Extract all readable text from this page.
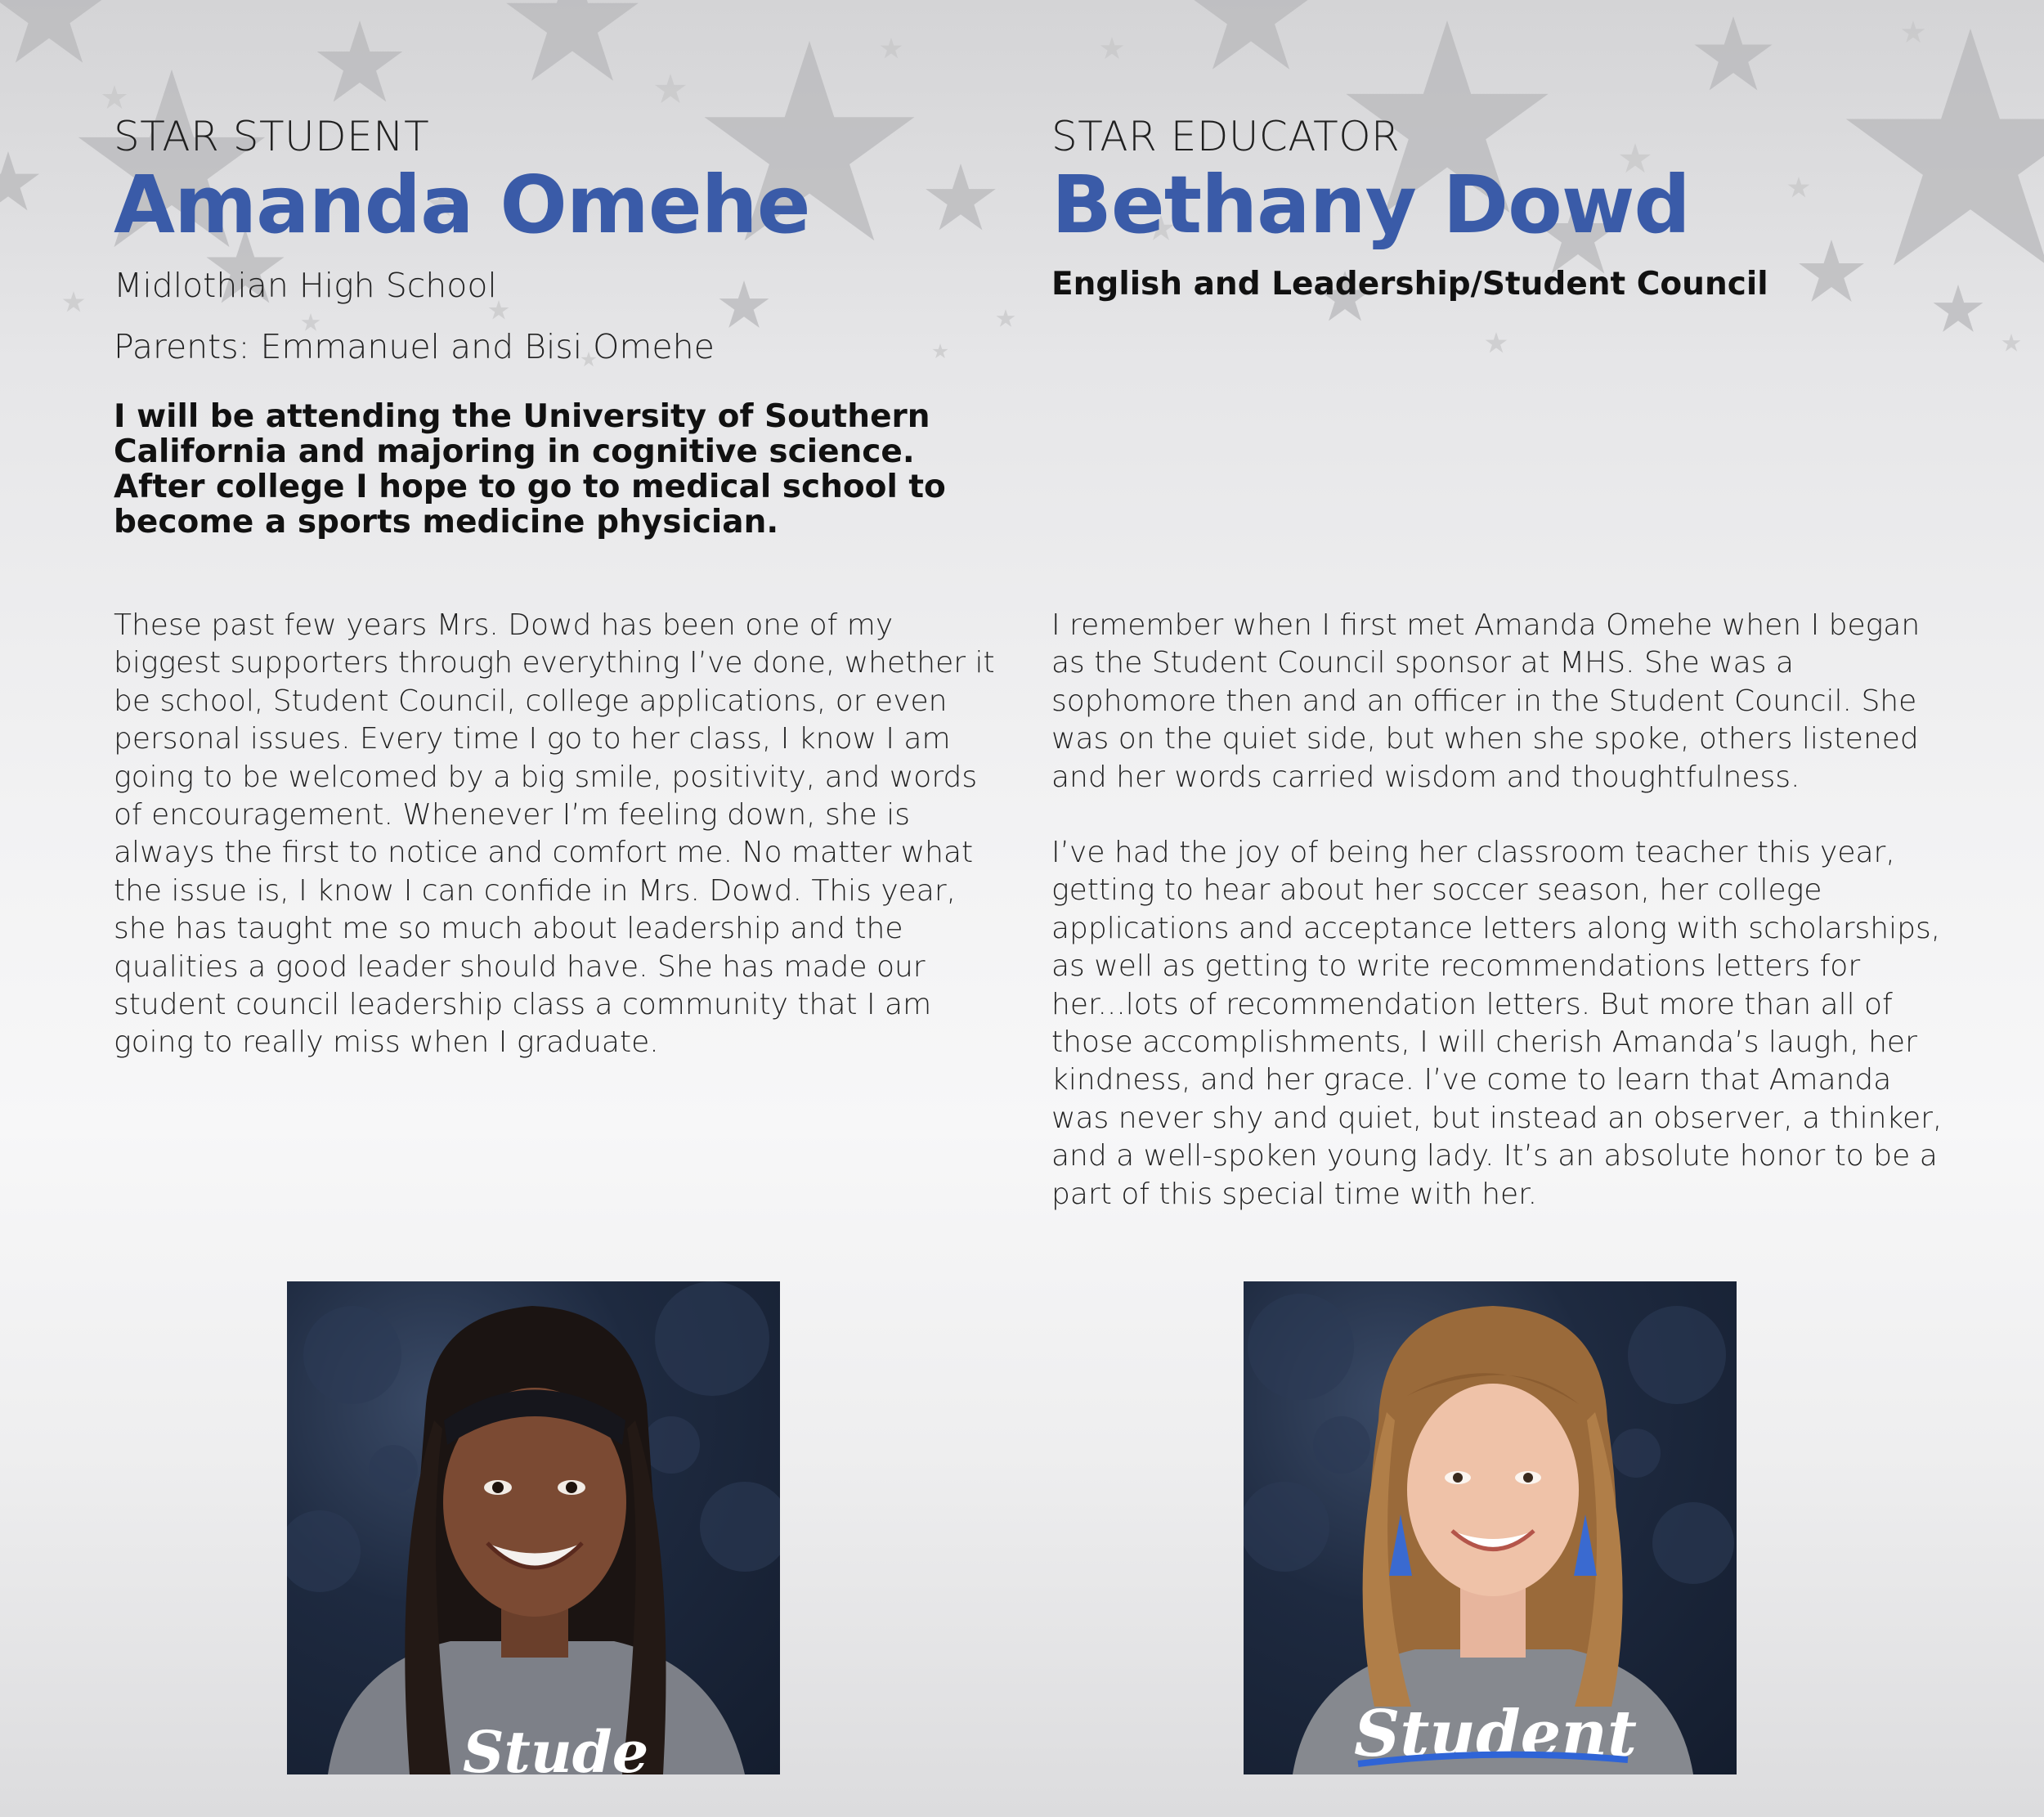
STAR STUDENT
Amanda Omehe
Midlothian High School
Parents: Emmanuel and Bisi Omehe

I will be attending the University of Southern California and majoring in cognitive science. After college I hope to go to medical school to become a sports medicine physician.

These past few years Mrs. Dowd has been one of my biggest supporters through everything I’ve done, whether it be school, Student Council, college applications, or even personal issues. Every time I go to her class, I know I am going to be welcomed by a big smile, positivity, and words of encouragement. Whenever I’m feeling down, she is always the first to notice and comfort me. No matter what the issue is, I know I can confide in Mrs. Dowd. This year, she has taught me so much about leadership and the qualities a good leader should have. She has made our student council leadership class a community that I am going to really miss when I graduate.

STAR EDUCATOR
Bethany Dowd
English and Leadership/Student Council

I remember when I first met Amanda Omehe when I began as the Student Council sponsor at MHS. She was a sophomore then and an officer in the Student Council. She was on the quiet side, but when she spoke, others listened and her words carried wisdom and thoughtfulness.

I’ve had the joy of being her classroom teacher this year, getting to hear about her soccer season, her college applications and acceptance letters along with scholarships, as well as getting to write recommendations letters for her...lots of recommendation letters. But more than all of those accomplishments, I will cherish Amanda’s laugh, her kindness, and her grace. I’ve come to learn that Amanda was never shy and quiet, but instead an observer, a thinker, and a well-spoken young lady. It’s an absolute honor to be a part of this special time with her.

Stude	Student
